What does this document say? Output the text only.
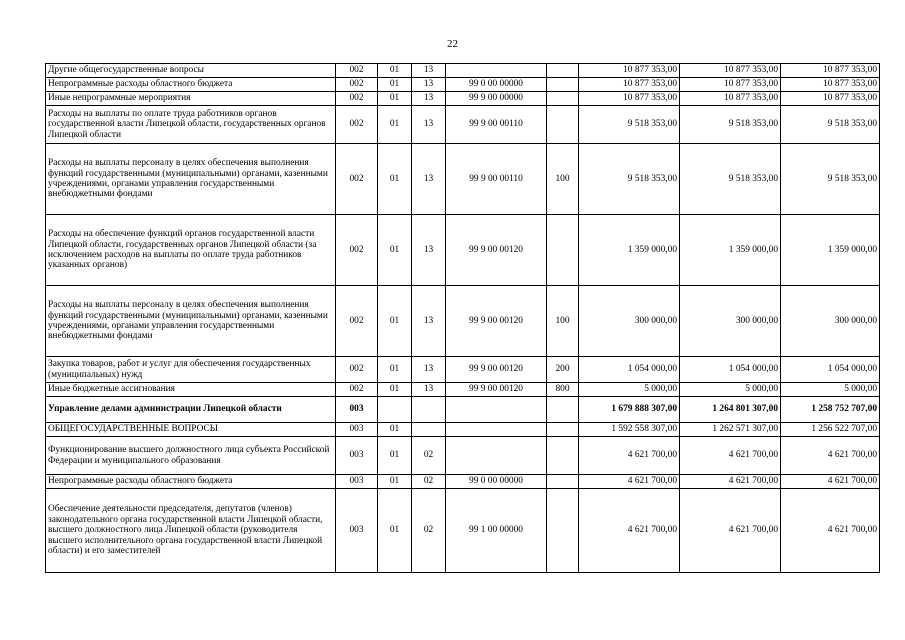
22
Другие общегосударственные вопросы	002	01	13			10 877 353,00	10 877 353,00	10 877 353,00
Непрограммные расходы областного бюджета	002	01	13	99 0 00 00000		10 877 353,00	10 877 353,00	10 877 353,00
Иные непрограммные мероприятия	002	01	13	99 9 00 00000		10 877 353,00	10 877 353,00	10 877 353,00
Расходы на выплаты по оплате труда работников органов государственной власти Липецкой области, государственных органов Липецкой области	002	01	13	99 9 00 00110		9 518 353,00	9 518 353,00	9 518 353,00
Расходы на выплаты персоналу в целях обеспечения выполнения функций государственными (муниципальными) органами, казенными учреждениями, органами управления государственными внебюджетными фондами	002	01	13	99 9 00 00110	100	9 518 353,00	9 518 353,00	9 518 353,00
Расходы на обеспечение функций органов государственной власти Липецкой области, государственных органов Липецкой области (за исключением расходов на выплаты по оплате труда работников указанных органов)	002	01	13	99 9 00 00120		1 359 000,00	1 359 000,00	1 359 000,00
Расходы на выплаты персоналу в целях обеспечения выполнения функций государственными (муниципальными) органами, казенными учреждениями, органами управления государственными внебюджетными фондами	002	01	13	99 9 00 00120	100	300 000,00	300 000,00	300 000,00
Закупка товаров, работ и услуг для обеспечения государственных (муниципальных) нужд	002	01	13	99 9 00 00120	200	1 054 000,00	1 054 000,00	1 054 000,00
Иные бюджетные ассигнования	002	01	13	99 9 00 00120	800	5 000,00	5 000,00	5 000,00
Управление делами администрации Липецкой области	003					1 679 888 307,00	1 264 801 307,00	1 258 752 707,00
ОБЩЕГОСУДАРСТВЕННЫЕ ВОПРОСЫ	003	01				1 592 558 307,00	1 262 571 307,00	1 256 522 707,00
Функционирование высшего должностного лица субъекта Российской Федерации и муниципального образования	003	01	02			4 621 700,00	4 621 700,00	4 621 700,00
Непрограммные расходы областного бюджета	003	01	02	99 0 00 00000		4 621 700,00	4 621 700,00	4 621 700,00
Обеспечение деятельности председателя, депутатов (членов) законодательного органа государственной власти Липецкой области, высшего должностного лица Липецкой области (руководителя высшего исполнительного органа государственной власти Липецкой области) и его заместителей	003	01	02	99 1 00 00000		4 621 700,00	4 621 700,00	4 621 700,00
